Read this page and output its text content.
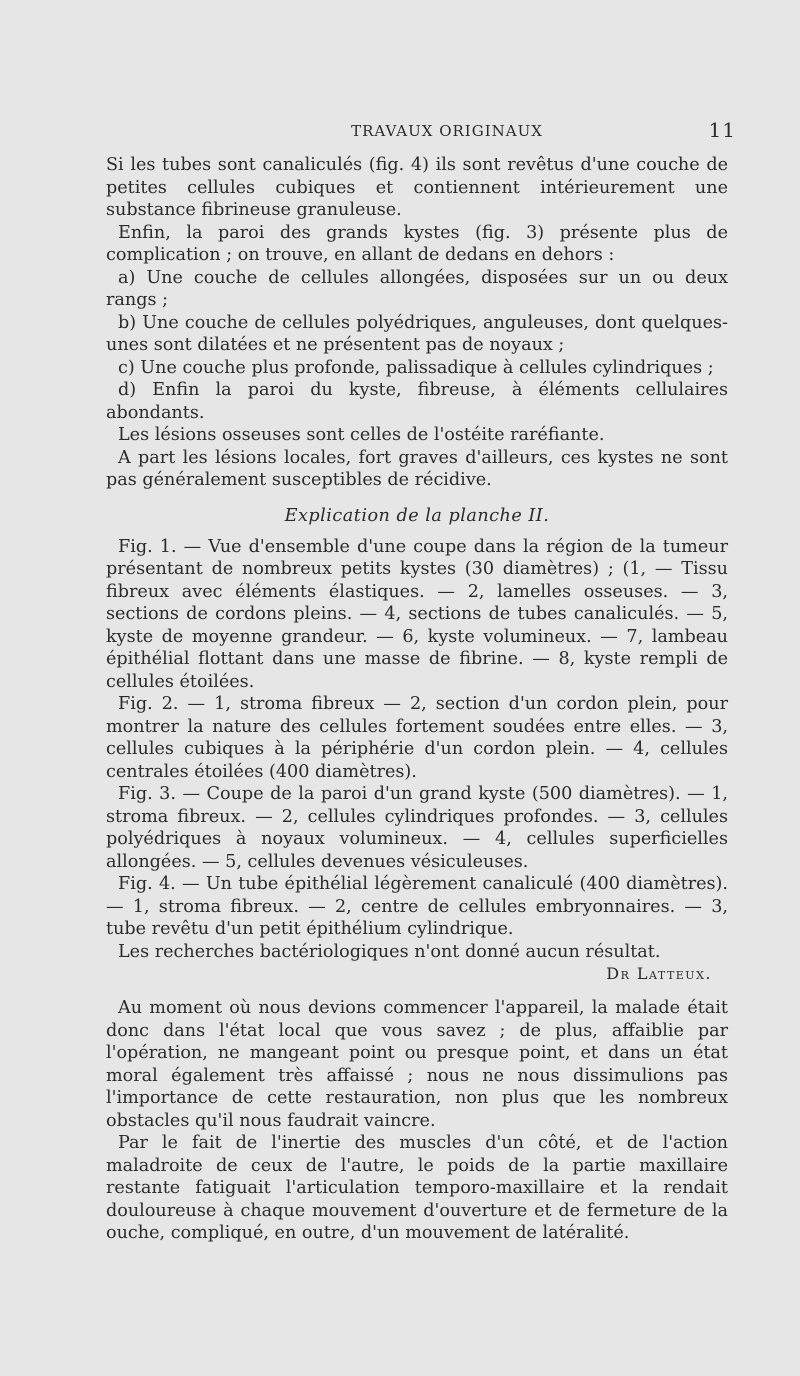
TRAVAUX ORIGINAUX	11

Si les tubes sont canaliculés (fig. 4) ils sont revêtus d'une couche de petites cellules cubiques et contiennent intérieurement une substance fibrineuse granuleuse.

Enfin, la paroi des grands kystes (fig. 3) présente plus de complication ; on trouve, en allant de dedans en dehors :

a) Une couche de cellules allongées, disposées sur un ou deux rangs ;

b) Une couche de cellules polyédriques, anguleuses, dont quelques-unes sont dilatées et ne présentent pas de noyaux ;

c) Une couche plus profonde, palissadique à cellules cylindriques ;

d) Enfin la paroi du kyste, fibreuse, à éléments cellulaires abondants.

Les lésions osseuses sont celles de l'ostéite raréfiante.

A part les lésions locales, fort graves d'ailleurs, ces kystes ne sont pas généralement susceptibles de récidive.

Explication de la planche II.

Fig. 1. — Vue d'ensemble d'une coupe dans la région de la tumeur présentant de nombreux petits kystes (30 diamètres) ; (1, — Tissu fibreux avec éléments élastiques. — 2, lamelles osseuses. — 3, sections de cordons pleins. — 4, sections de tubes canaliculés. — 5, kyste de moyenne grandeur. — 6, kyste volumineux. — 7, lambeau épithélial flottant dans une masse de fibrine. — 8, kyste rempli de cellules étoilées.

Fig. 2. — 1, stroma fibreux — 2, section d'un cordon plein, pour montrer la nature des cellules fortement soudées entre elles. — 3, cellules cubiques à la périphérie d'un cordon plein. — 4, cellules centrales étoilées (400 diamètres).

Fig. 3. — Coupe de la paroi d'un grand kyste (500 diamètres). — 1, stroma fibreux. — 2, cellules cylindriques profondes. — 3, cellules polyédriques à noyaux volumineux. — 4, cellules superficielles allongées. — 5, cellules devenues vésiculeuses.

Fig. 4. — Un tube épithélial légèrement canaliculé (400 diamètres). — 1, stroma fibreux. — 2, centre de cellules embryonnaires. — 3, tube revêtu d'un petit épithélium cylindrique.

Les recherches bactériologiques n'ont donné aucun résultat.

Dr Latteux.

Au moment où nous devions commencer l'appareil, la malade était donc dans l'état local que vous savez ; de plus, affaiblie par l'opération, ne mangeant point ou presque point, et dans un état moral également très affaissé ; nous ne nous dissimulions pas l'importance de cette restauration, non plus que les nombreux obstacles qu'il nous faudrait vaincre.

Par le fait de l'inertie des muscles d'un côté, et de l'action maladroite de ceux de l'autre, le poids de la partie maxillaire restante fatiguait l'articulation temporo-maxillaire et la rendait douloureuse à chaque mouvement d'ouverture et de fermeture de la ouche, compliqué, en outre, d'un mouvement de latéralité.
